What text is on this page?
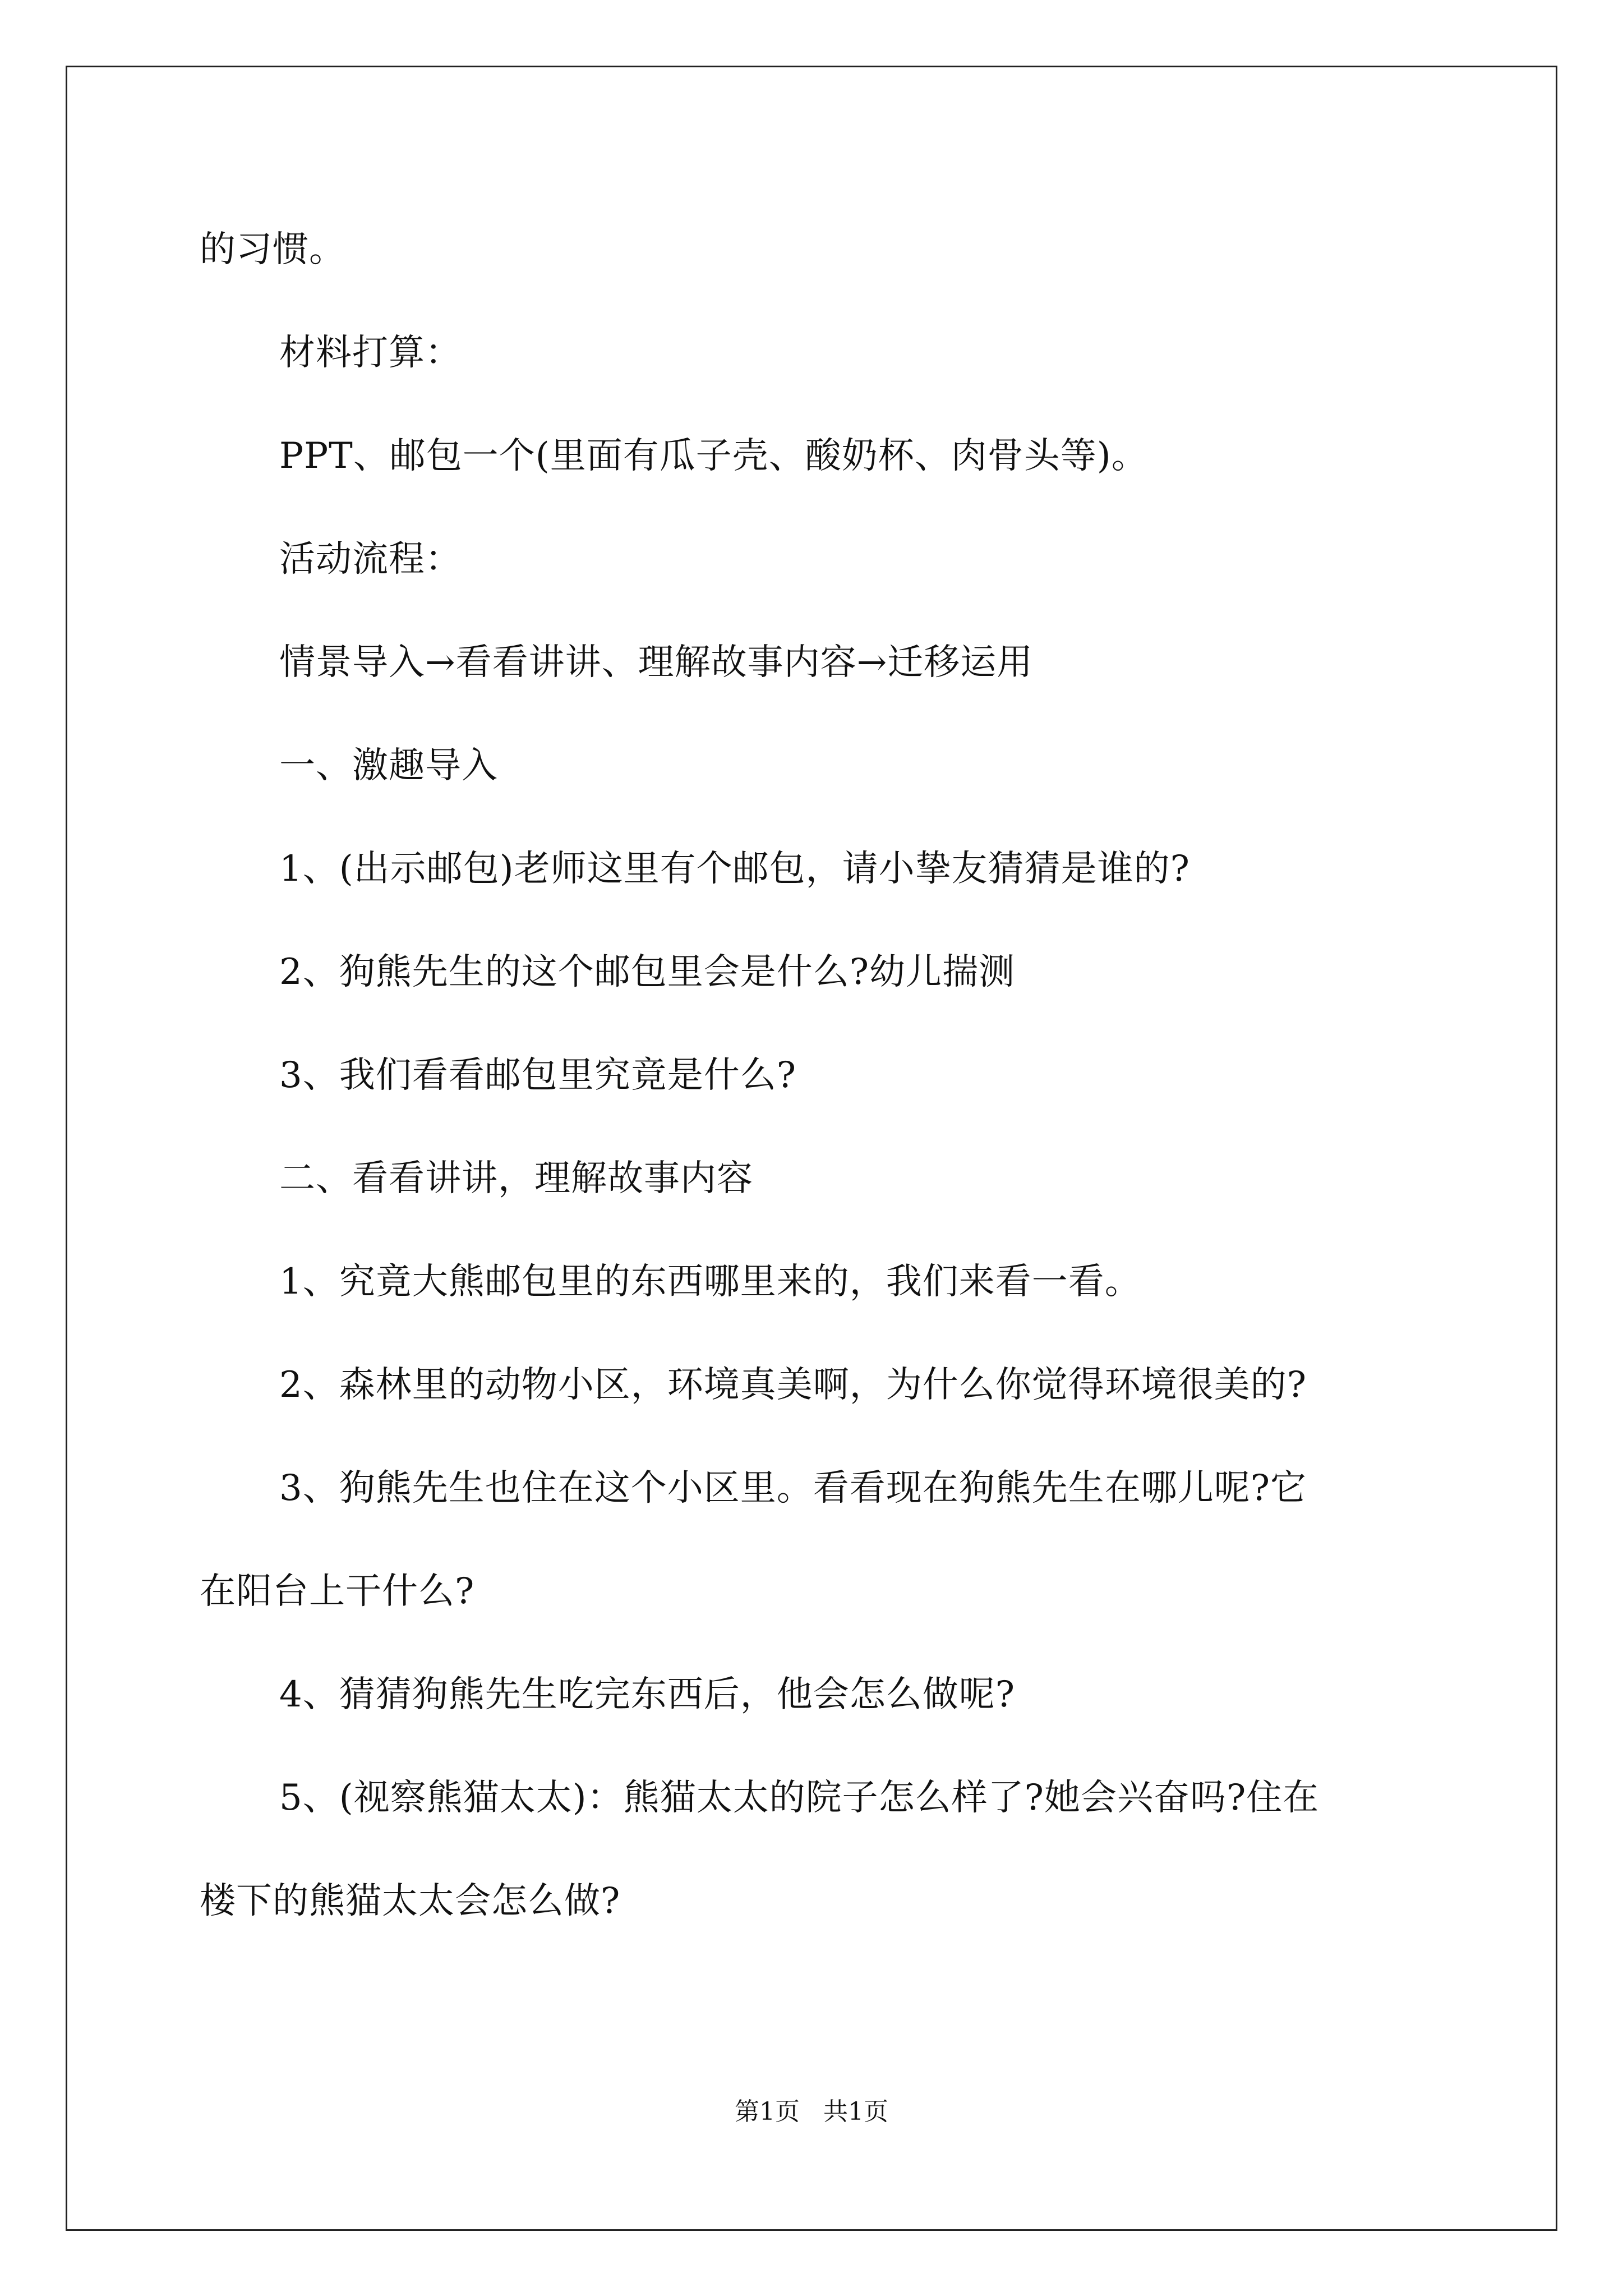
的习惯。
材料打算：
PPT、邮包一个(里面有瓜子壳、酸奶杯、肉骨头等)。
活动流程：
情景导入→看看讲讲、理解故事内容→迁移运用
一、激趣导入
1、(出示邮包)老师这里有个邮包，请小挚友猜猜是谁的?
2、狗熊先生的这个邮包里会是什么?幼儿揣测
3、我们看看邮包里究竟是什么?
二、看看讲讲，理解故事内容
1、究竟大熊邮包里的东西哪里来的，我们来看一看。
2、森林里的动物小区，环境真美啊，为什么你觉得环境很美的?
3、狗熊先生也住在这个小区里。看看现在狗熊先生在哪儿呢?它
在阳台上干什么?
4、猜猜狗熊先生吃完东西后，他会怎么做呢?
5、(视察熊猫太太)：熊猫太太的院子怎么样了?她会兴奋吗?住在
楼下的熊猫太太会怎么做?
第1页 共1页
